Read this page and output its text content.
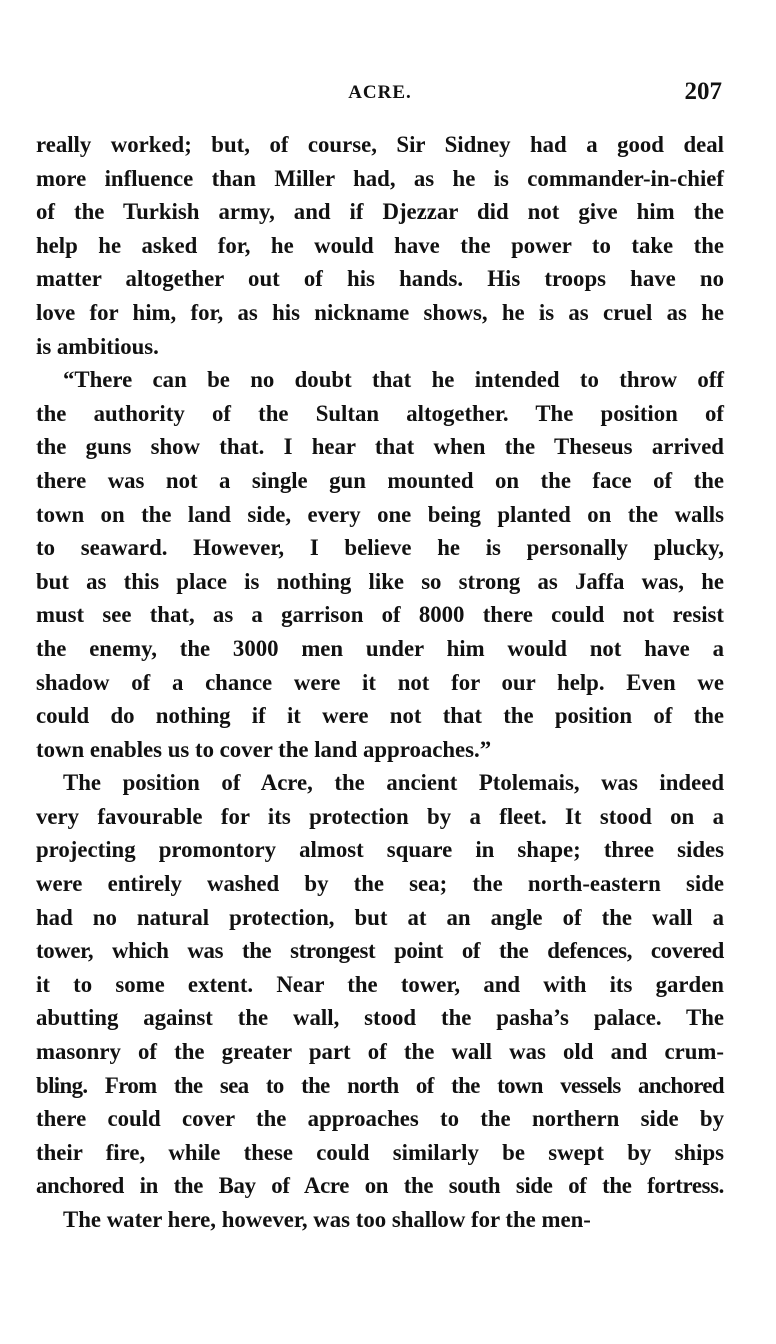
ACRE.	207
really worked; but, of course, Sir Sidney had a good deal
more influence than Miller had, as he is commander-in-chief
of the Turkish army, and if Djezzar did not give him the
help he asked for, he would have the power to take the
matter altogether out of his hands. His troops have no
love for him, for, as his nickname shows, he is as cruel as he
is ambitious.
“There can be no doubt that he intended to throw off
the authority of the Sultan altogether. The position of
the guns show that. I hear that when the Theseus arrived
there was not a single gun mounted on the face of the
town on the land side, every one being planted on the walls
to seaward. However, I believe he is personally plucky,
but as this place is nothing like so strong as Jaffa was, he
must see that, as a garrison of 8000 there could not resist
the enemy, the 3000 men under him would not have a
shadow of a chance were it not for our help. Even we
could do nothing if it were not that the position of the
town enables us to cover the land approaches.”
The position of Acre, the ancient Ptolemais, was indeed
very favourable for its protection by a fleet. It stood on a
projecting promontory almost square in shape; three sides
were entirely washed by the sea; the north-eastern side
had no natural protection, but at an angle of the wall a
tower, which was the strongest point of the defences, covered
it to some extent. Near the tower, and with its garden
abutting against the wall, stood the pasha’s palace. The
masonry of the greater part of the wall was old and crum-
bling. From the sea to the north of the town vessels anchored
there could cover the approaches to the northern side by
their fire, while these could similarly be swept by ships
anchored in the Bay of Acre on the south side of the fortress.
The water here, however, was too shallow for the men-
